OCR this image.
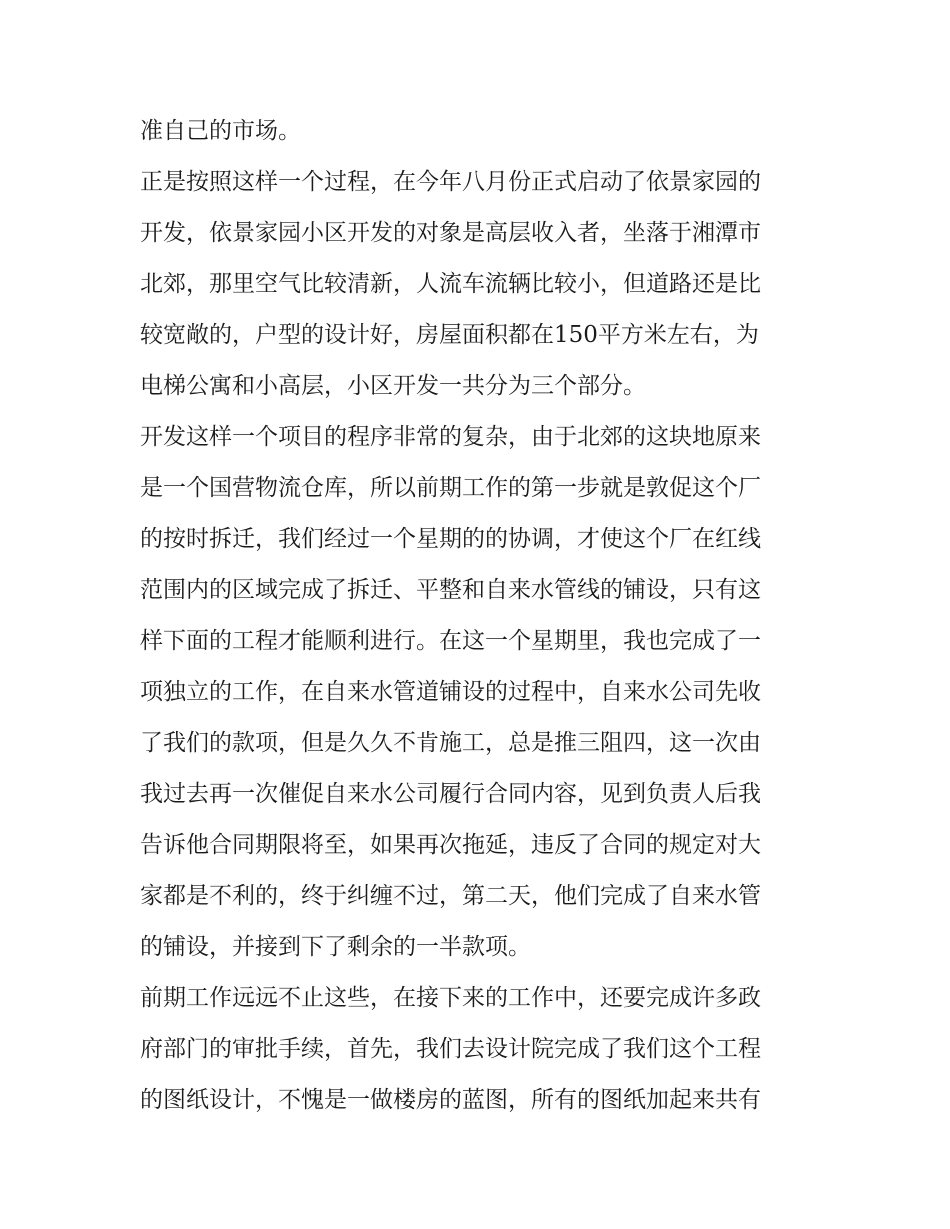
准自己的市场。
正是按照这样一个过程，在今年八月份正式启动了依景家园的
开发，依景家园小区开发的对象是高层收入者，坐落于湘潭市
北郊，那里空气比较清新，人流车流辆比较小，但道路还是比
较宽敞的，户型的设计好，房屋面积都在150平方米左右，为
电梯公寓和小高层，小区开发一共分为三个部分。
开发这样一个项目的程序非常的复杂，由于北郊的这块地原来
是一个国营物流仓库，所以前期工作的第一步就是敦促这个厂
的按时拆迁，我们经过一个星期的的协调，才使这个厂在红线
范围内的区域完成了拆迁、平整和自来水管线的铺设，只有这
样下面的工程才能顺利进行。在这一个星期里，我也完成了一
项独立的工作，在自来水管道铺设的过程中，自来水公司先收
了我们的款项，但是久久不肯施工，总是推三阻四，这一次由
我过去再一次催促自来水公司履行合同内容，见到负责人后我
告诉他合同期限将至，如果再次拖延，违反了合同的规定对大
家都是不利的，终于纠缠不过，第二天，他们完成了自来水管
的铺设，并接到下了剩余的一半款项。
前期工作远远不止这些，在接下来的工作中，还要完成许多政
府部门的审批手续，首先，我们去设计院完成了我们这个工程
的图纸设计，不愧是一做楼房的蓝图，所有的图纸加起来共有
